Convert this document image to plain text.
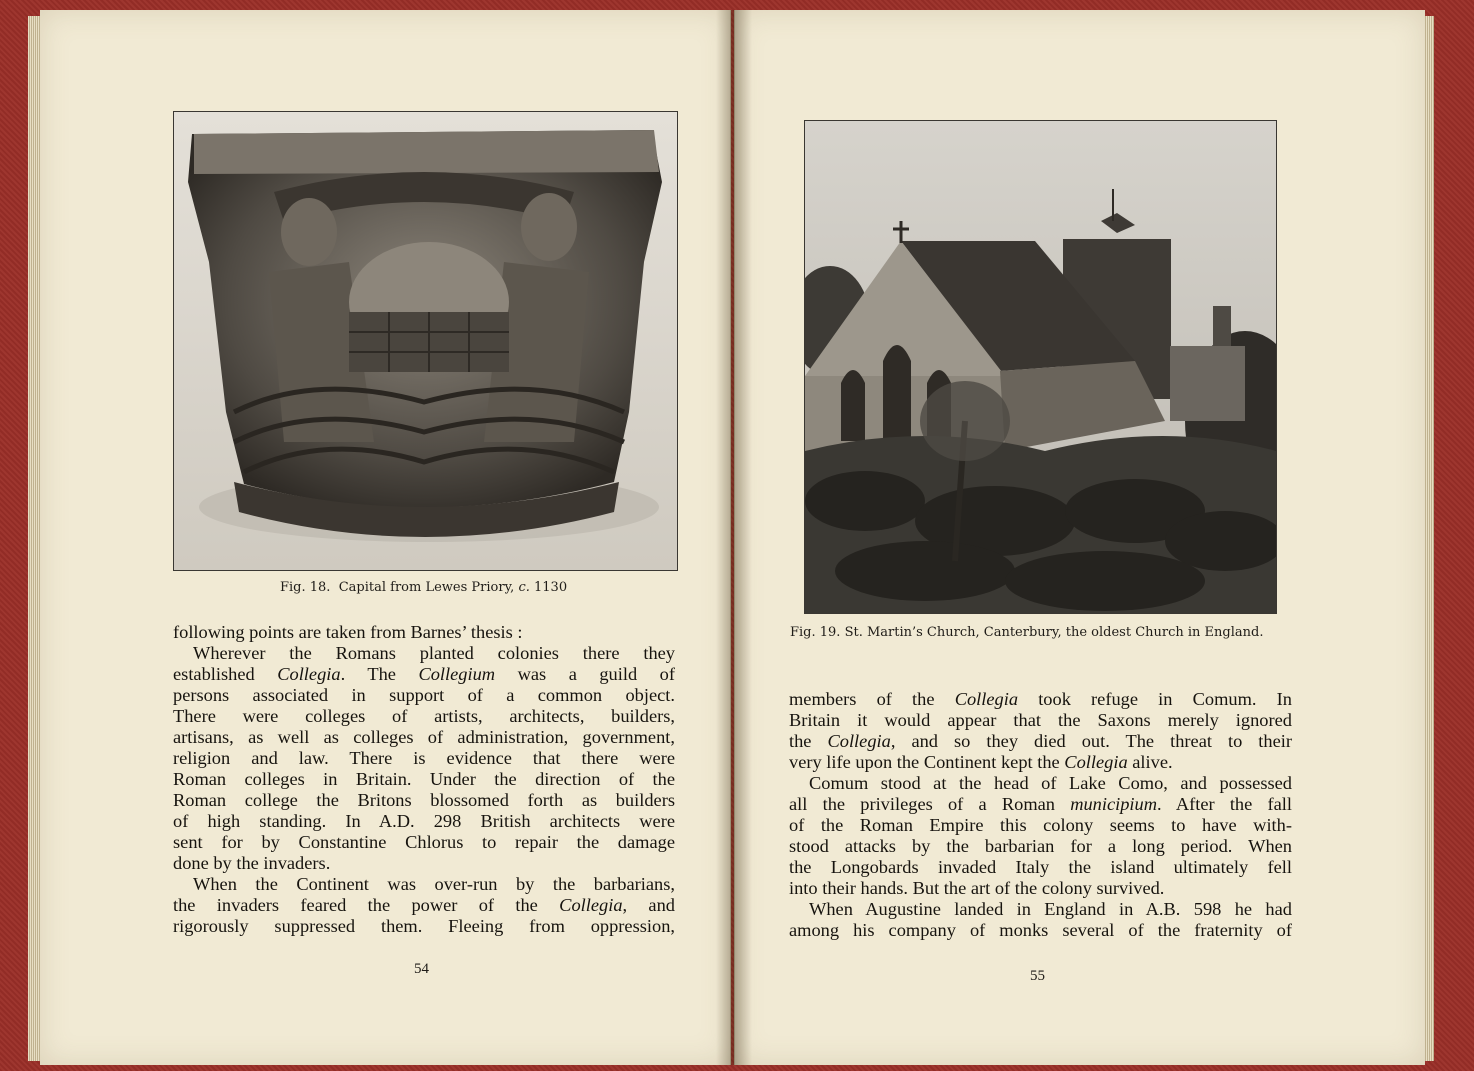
Fig. 18.  Capital from Lewes Priory, c. 1130
following points are taken from Barnes’ thesis :
Wherever the Romans planted colonies there they
established Collegia. The Collegium was a guild of
persons associated in support of a common object.
There were colleges of artists, architects, builders,
artisans, as well as colleges of administration, government,
religion and law. There is evidence that there were
Roman colleges in Britain. Under the direction of the
Roman college the Britons blossomed forth as builders
of high standing. In A.D. 298 British architects were
sent for by Constantine Chlorus to repair the damage
done by the invaders.
When the Continent was over-run by the barbarians,
the invaders feared the power of the Collegia, and
rigorously suppressed them. Fleeing from oppression,
54
Fig. 19. St. Martin’s Church, Canterbury, the oldest Church in England.
members of the Collegia took refuge in Comum. In
Britain it would appear that the Saxons merely ignored
the Collegia, and so they died out. The threat to their
very life upon the Continent kept the Collegia alive.
Comum stood at the head of Lake Como, and possessed
all the privileges of a Roman municipium. After the fall
of the Roman Empire this colony seems to have with-
stood attacks by the barbarian for a long period. When
the Longobards invaded Italy the island ultimately fell
into their hands. But the art of the colony survived.
When Augustine landed in England in A.B. 598 he had
among his company of monks several of the fraternity of
55
